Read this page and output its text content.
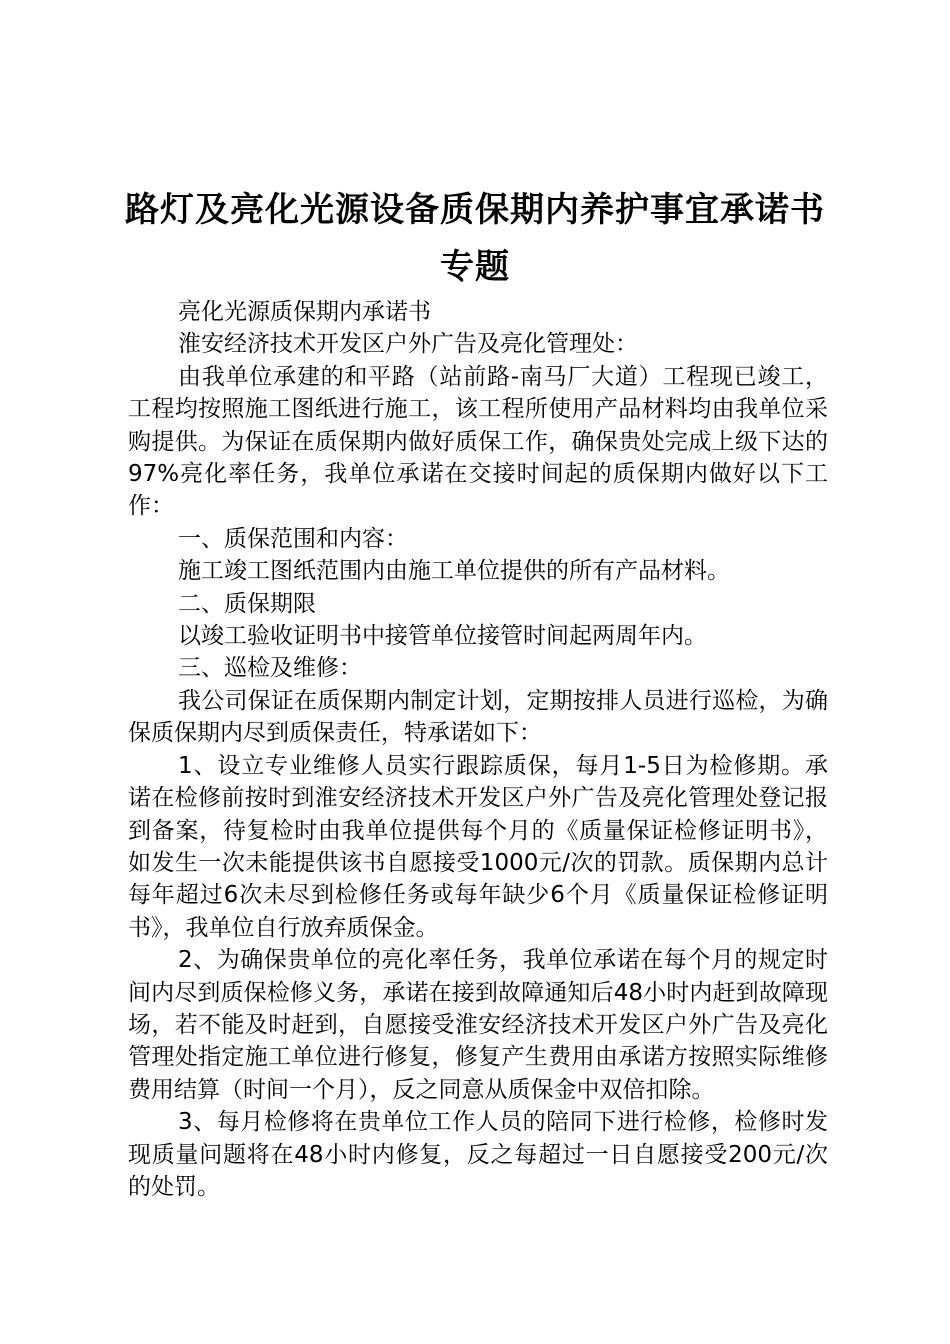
路灯及亮化光源设备质保期内养护事宜承诺书
专题

亮化光源质保期内承诺书

淮安经济技术开发区户外广告及亮化管理处：

由我单位承建的和平路（站前路-南马厂大道）工程现已竣工，工程均按照施工图纸进行施工，该工程所使用产品材料均由我单位采购提供。为保证在质保期内做好质保工作，确保贵处完成上级下达的97%亮化率任务，我单位承诺在交接时间起的质保期内做好以下工作：

一、质保范围和内容：

施工竣工图纸范围内由施工单位提供的所有产品材料。

二、质保期限

以竣工验收证明书中接管单位接管时间起两周年内。

三、巡检及维修：

我公司保证在质保期内制定计划，定期按排人员进行巡检，为确保质保期内尽到质保责任，特承诺如下：

1、设立专业维修人员实行跟踪质保，每月1-5日为检修期。承诺在检修前按时到淮安经济技术开发区户外广告及亮化管理处登记报到备案，待复检时由我单位提供每个月的《质量保证检修证明书》，如发生一次未能提供该书自愿接受1000元/次的罚款。质保期内总计每年超过6次未尽到检修任务或每年缺少6个月《质量保证检修证明书》，我单位自行放弃质保金。

2、为确保贵单位的亮化率任务，我单位承诺在每个月的规定时间内尽到质保检修义务，承诺在接到故障通知后48小时内赶到故障现场，若不能及时赶到，自愿接受淮安经济技术开发区户外广告及亮化管理处指定施工单位进行修复，修复产生费用由承诺方按照实际维修费用结算（时间一个月），反之同意从质保金中双倍扣除。

3、每月检修将在贵单位工作人员的陪同下进行检修，检修时发现质量问题将在48小时内修复，反之每超过一日自愿接受200元/次的处罚。
